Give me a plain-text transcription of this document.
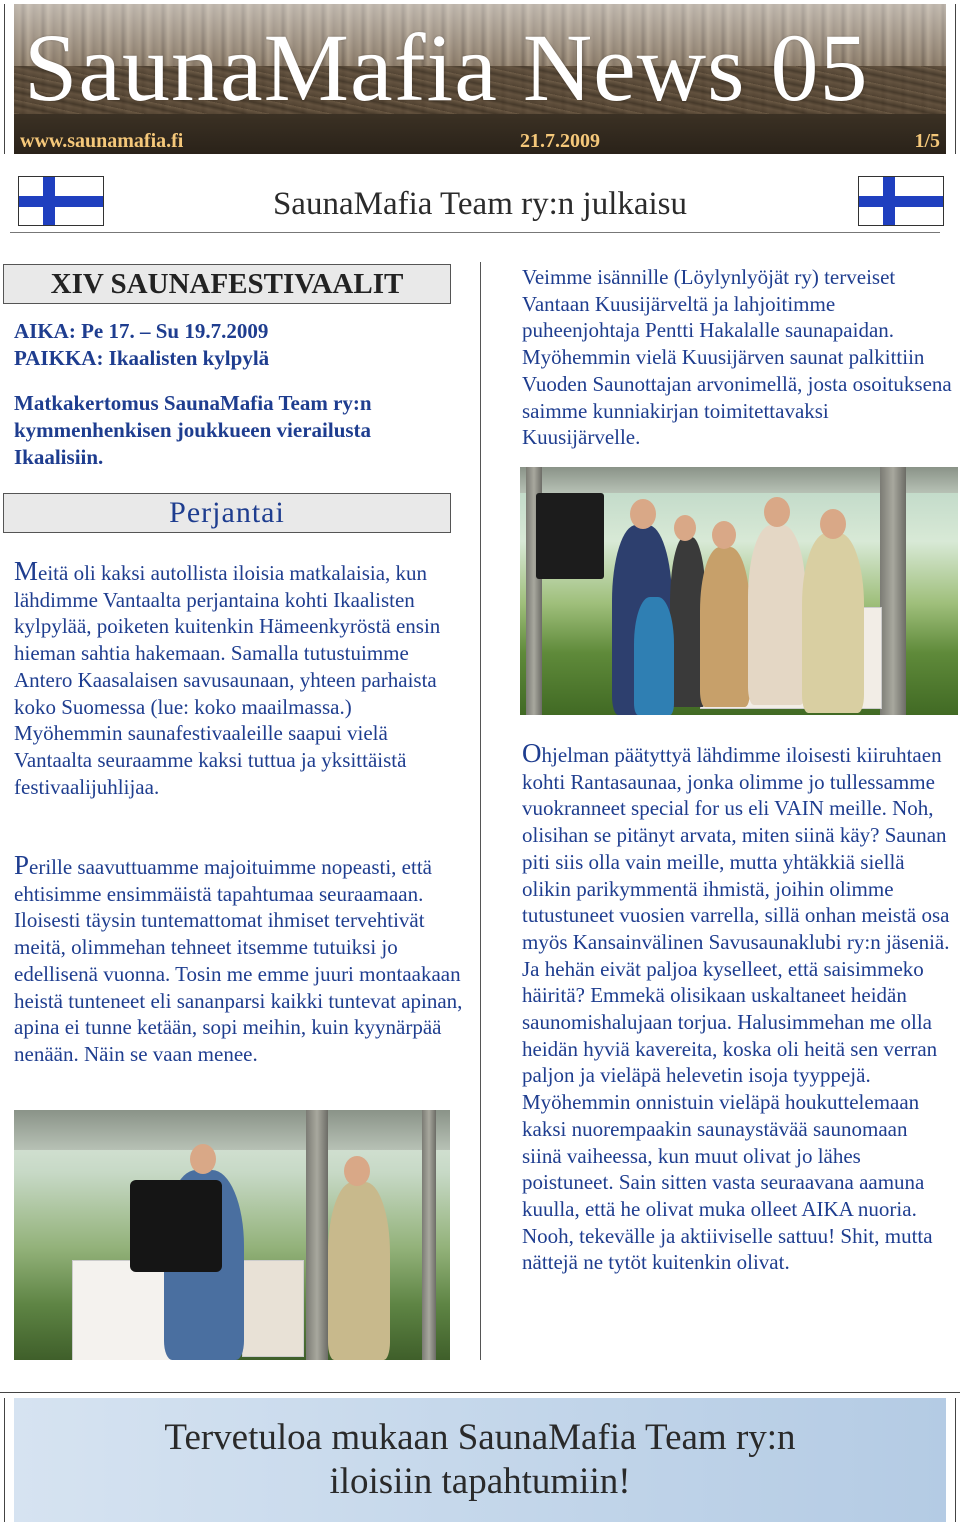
SaunaMafia News 05
www.saunamafia.fi	21.7.2009	1/5
SaunaMafia Team ry:n julkaisu
XIV SAUNAFESTIVAALIT

AIKA: Pe 17. – Su 19.7.2009

PAIKKA: Ikaalisten kylpylä

Matkakertomus SaunaMafia Team ry:n kymmenhenkisen joukkueen vierailusta Ikaalisiin.

Perjantai

Meitä oli kaksi autollista iloisia matkalaisia, kun lähdimme Vantaalta perjantaina kohti Ikaalisten kylpylää, poiketen kuitenkin Hämeenkyröstä ensin hieman sahtia hakemaan. Samalla tutustuimme Antero Kaasalaisen savusaunaan, yhteen parhaista koko Suomessa (lue: koko maailmassa.) Myöhemmin saunafestivaaleille saapui vielä Vantaalta seuraamme kaksi tuttua ja yksittäistä festivaalijuhlijaa.

Perille saavuttuamme majoituimme nopeasti, että ehtisimme ensimmäistä tapahtumaa seuraamaan. Iloisesti täysin tuntemattomat ihmiset tervehtivät meitä, olimmehan tehneet itsemme tutuiksi jo edellisenä vuonna. Tosin me emme juuri montaakaan heistä tunteneet eli sananparsi kaikki tuntevat apinan, apina ei tunne ketään, sopi meihin, kuin kyynärpää nenään. Näin se vaan menee.

Veimme isännille (Löylynlyöjät ry) terveiset Vantaan Kuusijärveltä ja lahjoitimme puheenjohtaja Pentti Hakalalle saunapaidan. Myöhemmin vielä Kuusijärven saunat palkittiin Vuoden Saunottajan arvonimellä, josta osoituksena saimme kunniakirjan toimitettavaksi Kuusijärvelle.

Ohjelman päätyttyä lähdimme iloisesti kiiruhtaen kohti Rantasaunaa, jonka olimme jo tullessamme vuokranneet special for us eli VAIN meille. Noh, olisihan se pitänyt arvata, miten siinä käy? Saunan piti siis olla vain meille, mutta yhtäkkiä siellä olikin parikymmentä ihmistä, joihin olimme tutustuneet vuosien varrella, sillä onhan meistä osa myös Kansainvälinen Savusaunaklubi ry:n jäseniä. Ja hehän eivät paljoa kyselleet, että saisimmeko häiritä? Emmekä olisikaan uskaltaneet heidän saunomishalujaan torjua. Halusimmehan me olla heidän hyviä kavereita, koska oli heitä sen verran paljon ja vieläpä helevetin isoja tyyppejä. Myöhemmin onnistuin vieläpä houkuttelemaan kaksi nuorempaakin saunaystävää saunomaan siinä vaiheessa, kun muut olivat jo lähes poistuneet. Sain sitten vasta seuraavana aamuna kuulla, että he olivat muka olleet AIKA nuoria. Nooh, tekevälle ja aktiiviselle sattuu! Shit, mutta nättejä ne tytöt kuitenkin olivat.

Tervetuloa mukaan SaunaMafia Team ry:n
iloisiin tapahtumiin!
